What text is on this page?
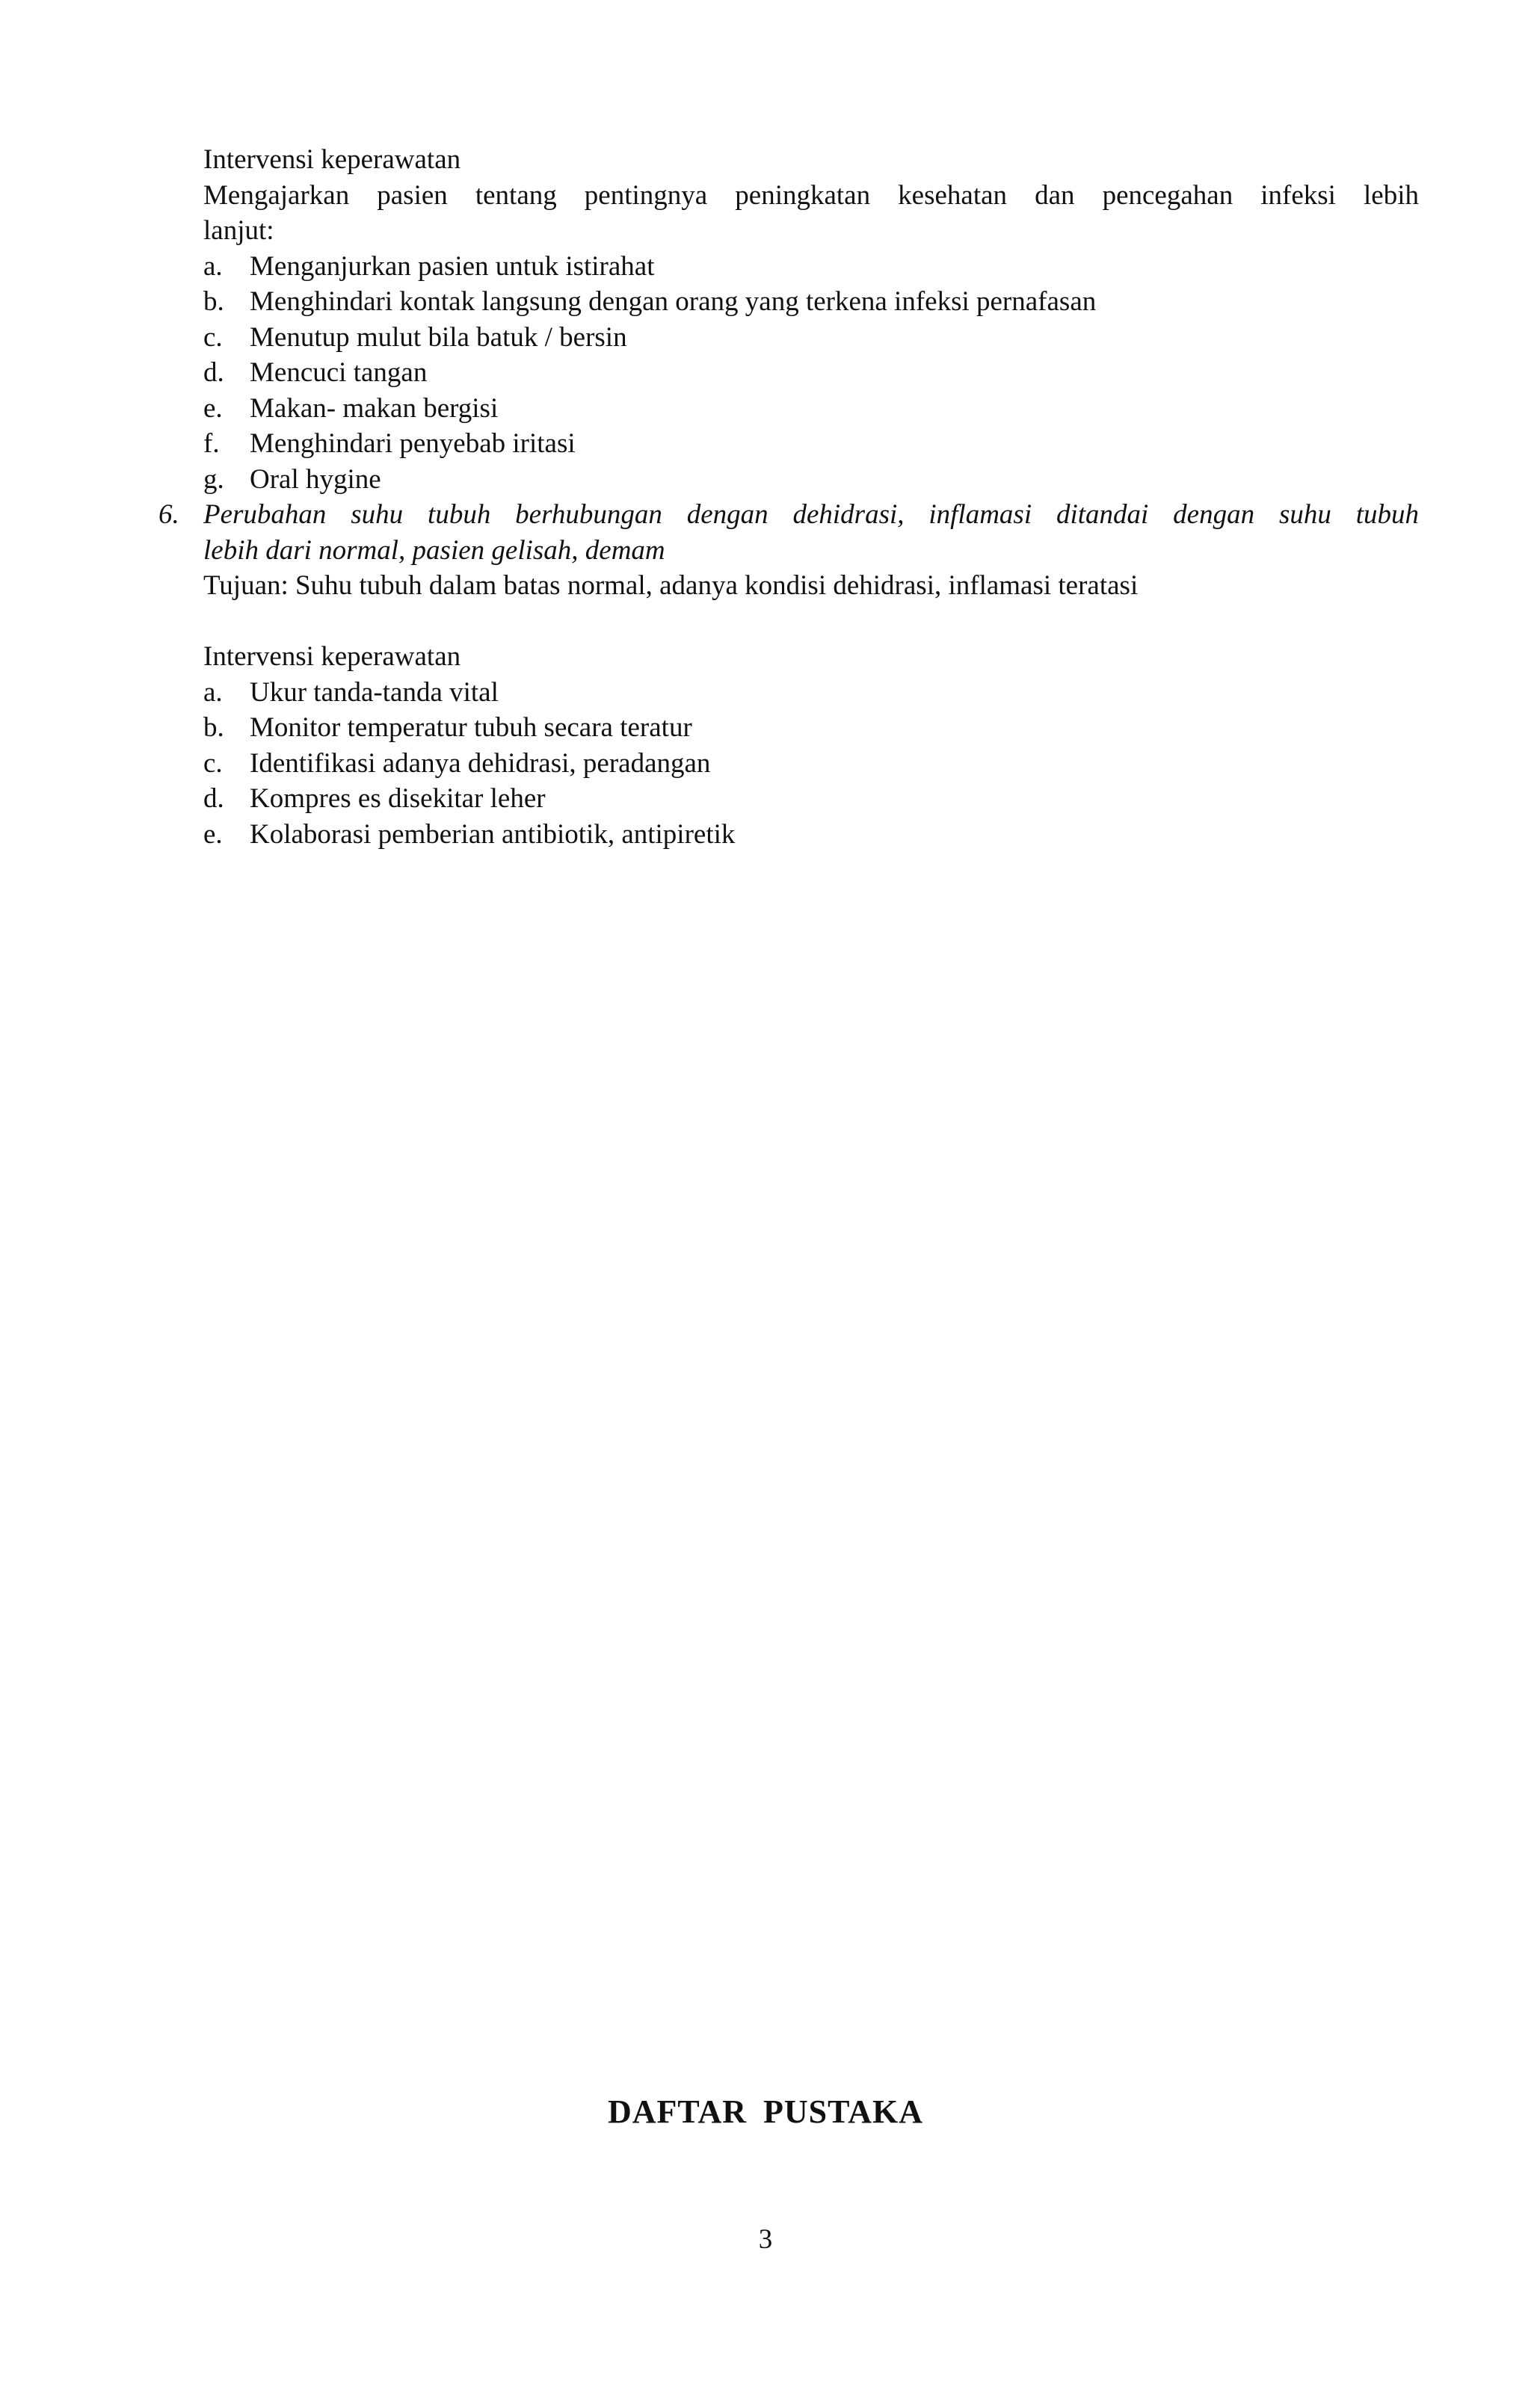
Intervensi keperawatan
Mengajarkan pasien tentang pentingnya peningkatan kesehatan dan pencegahan infeksi lebih
lanjut:
a. Menganjurkan pasien untuk istirahat
b. Menghindari kontak langsung dengan orang yang terkena infeksi pernafasan
c. Menutup mulut bila batuk / bersin
d. Mencuci tangan
e. Makan- makan bergisi
f.	Menghindari penyebab iritasi
g. Oral hygine
6. Perubahan suhu tubuh berhubungan dengan dehidrasi, inflamasi ditandai dengan suhu tubuh
lebih dari normal, pasien gelisah, demam
Tujuan: Suhu tubuh dalam batas normal, adanya kondisi dehidrasi, inflamasi teratasi
Intervensi keperawatan
a. Ukur tanda-tanda vital
b. Monitor temperatur tubuh secara teratur
c. Identifikasi adanya dehidrasi, peradangan
d. Kompres es disekitar leher
e. Kolaborasi pemberian antibiotik, antipiretik
DAFTAR PUSTAKA
3
